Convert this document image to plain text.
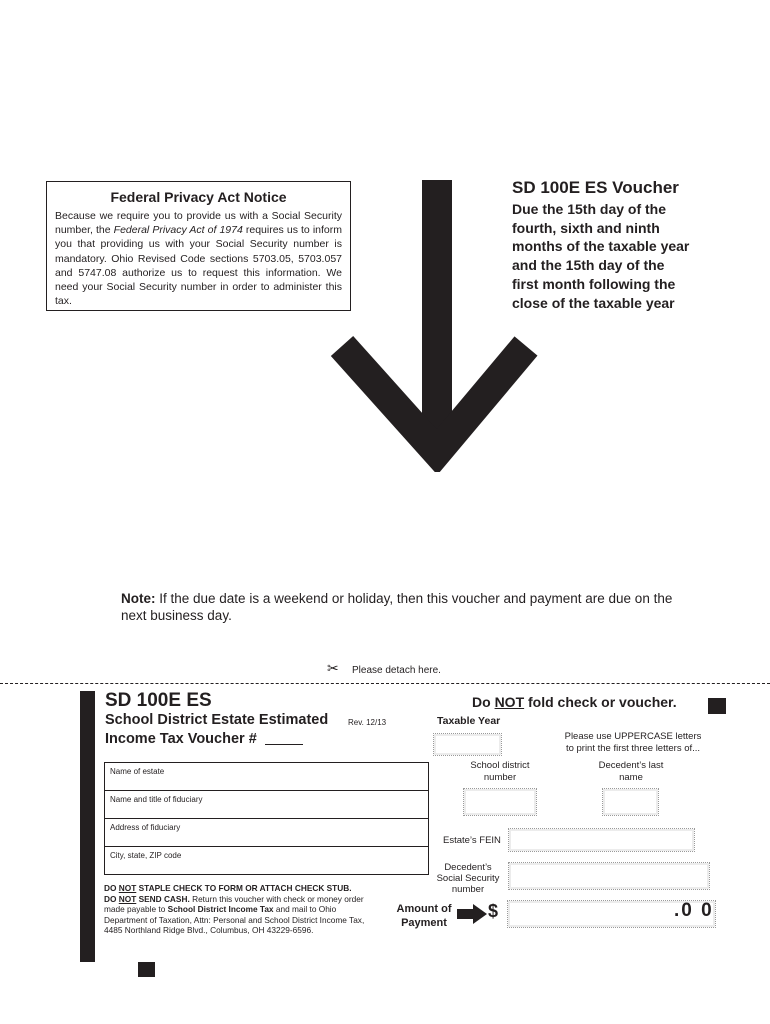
Federal Privacy Act Notice
Because we require you to provide us with a Social Security number, the Federal Privacy Act of 1974 requires us to inform you that providing us with your Social Security number is mandatory. Ohio Revised Code sections 5703.05, 5703.057 and 5747.08 authorize us to request this information. We need your Social Security number in order to administer this tax.
SD 100E ES Voucher
Due the 15th day of the
fourth, sixth and ninth
months of the taxable year
and the 15th day of the
first month following the
close of the taxable year
Note: If the due date is a weekend or holiday, then this voucher and payment are due on the next business day.
✂ Please detach here.
SD 100E ES
School District Estate Estimated Rev. 12/13
Income Tax Voucher #
Name of estate
Name and title of fiduciary
Address of fiduciary
City, state, ZIP code
DO NOT STAPLE CHECK TO FORM OR ATTACH CHECK STUB.
DO NOT SEND CASH. Return this voucher with check or money order made payable to School District Income Tax and mail to Ohio Department of Taxation, Attn: Personal and School District Income Tax, 4485 Northland Ridge Blvd., Columbus, OH 43229-6596.
Do NOT fold check or voucher.
Taxable Year
Please use UPPERCASE letters to print the first three letters of...
School district number
Decedent’s last name
Estate’s FEIN
Decedent’s Social Security number
Amount of Payment
$	.0 0
